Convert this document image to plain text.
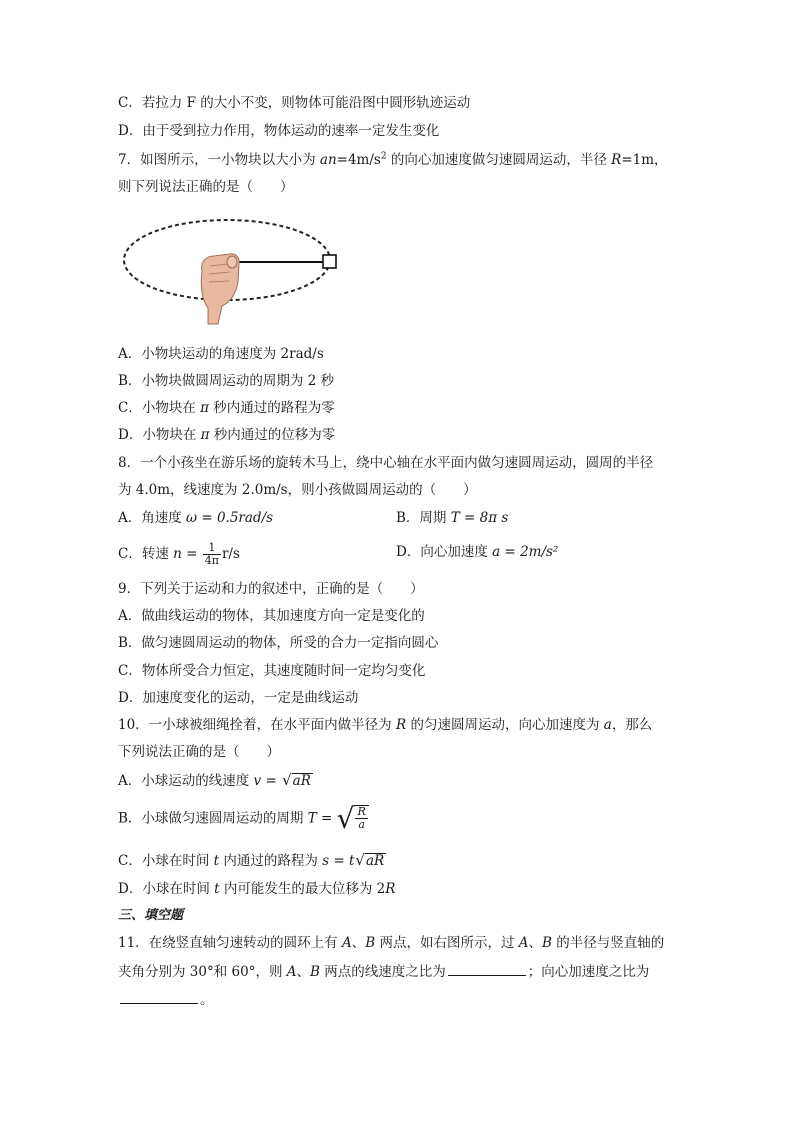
C．若拉力 F 的大小不变，则物体可能沿图中圆形轨迹运动
D．由于受到拉力作用，物体运动的速率一定发生变化
7．如图所示，一小物块以大小为 $an=4m/s^2$ 的向心加速度做匀速圆周运动，半径 R=1m，
则下列说法正确的是（　　）
A．小物块运动的角速度为 2rad/s
B．小物块做圆周运动的周期为 2 秒
C．小物块在 π 秒内通过的路程为零
D．小物块在 π 秒内通过的位移为零
8．一个小孩坐在游乐场的旋转木马上，绕中心轴在水平面内做匀速圆周运动，圆周的半径
为 4.0m，线速度为 2.0m/s，则小孩做圆周运动的（　　）
A．角速度 ω = 0.5rad/s	B．周期 T = 8π s
C．转速 $n = \frac{1}{4\pi} r/s$	D．向心加速度 a = 2m/s²
9．下列关于运动和力的叙述中，正确的是（　　）
A．做曲线运动的物体，其加速度方向一定是变化的
B．做匀速圆周运动的物体，所受的合力一定指向圆心
C．物体所受合力恒定，其速度随时间一定均匀变化
D．加速度变化的运动，一定是曲线运动
10．一小球被细绳拴着，在水平面内做半径为 R 的匀速圆周运动，向心加速度为 a，那么
下列说法正确的是（　　）
A．小球运动的线速度 v = √aR
B．小球做匀速圆周运动的周期 T = √ $\frac{R}{a}$
C．小球在时间 t 内通过的路程为 s = t√aR
D．小球在时间 t 内可能发生的最大位移为 2R
三、填空题
11．在绕竖直轴匀速转动的圆环上有 A、B 两点，如右图所示，过 A、B 的半径与竖直轴的
夹角分别为 30°和 60°，则 A、B 两点的线速度之比为	；向心加速度之比为
。
